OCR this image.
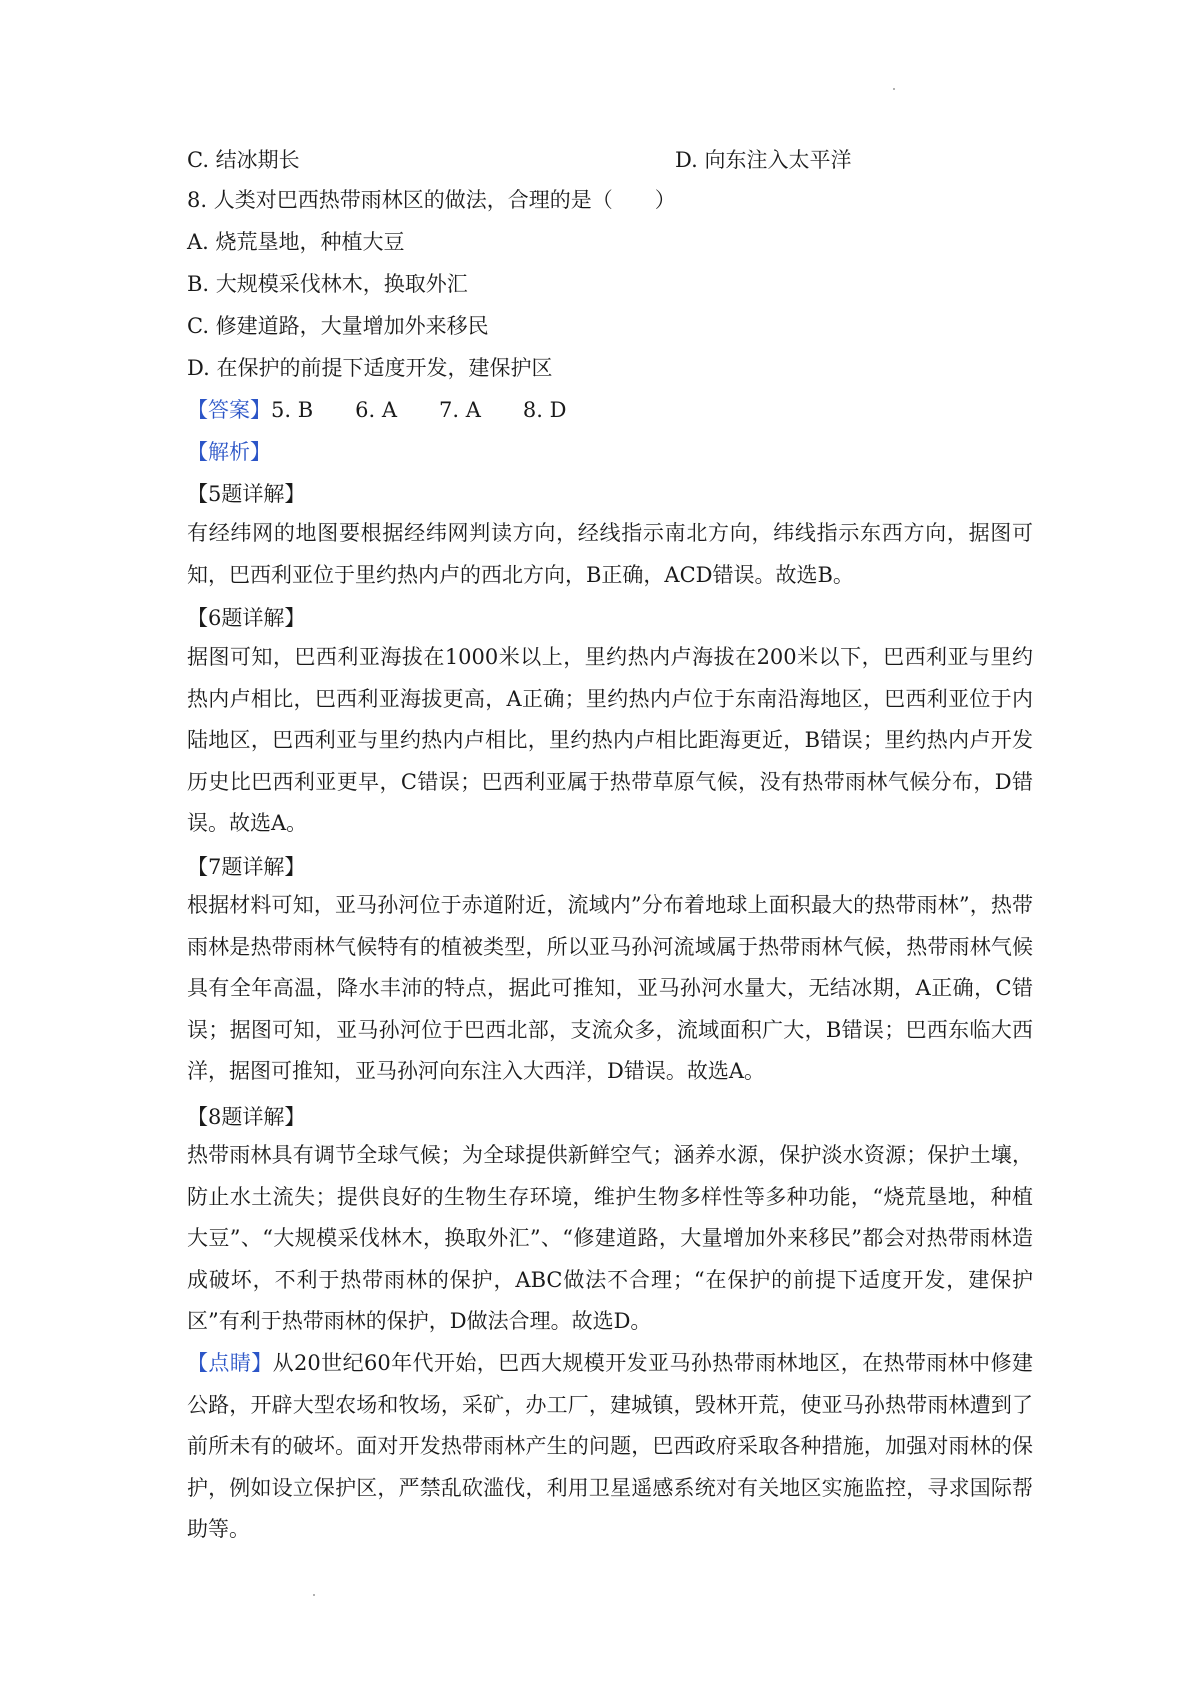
C. 结冰期长	D. 向东注入太平洋
8. 人类对巴西热带雨林区的做法，合理的是（　　）
A. 烧荒垦地，种植大豆
B. 大规模采伐林木，换取外汇
C. 修建道路，大量增加外来移民
D. 在保护的前提下适度开发，建保护区
【答案】5. B　　6. A　　7. A　　8. D
【解析】
【5题详解】
有经纬网的地图要根据经纬网判读方向，经线指示南北方向，纬线指示东西方向，据图可知，巴西利亚位于里约热内卢的西北方向，B正确，ACD错误。故选B。
【6题详解】
据图可知，巴西利亚海拔在1000米以上，里约热内卢海拔在200米以下，巴西利亚与里约热内卢相比，巴西利亚海拔更高，A正确；里约热内卢位于东南沿海地区，巴西利亚位于内陆地区，巴西利亚与里约热内卢相比，里约热内卢相比距海更近，B错误；里约热内卢开发历史比巴西利亚更早，C错误；巴西利亚属于热带草原气候，没有热带雨林气候分布，D错误。故选A。
【7题详解】
根据材料可知，亚马孙河位于赤道附近，流域内”分布着地球上面积最大的热带雨林”，热带雨林是热带雨林气候特有的植被类型，所以亚马孙河流域属于热带雨林气候，热带雨林气候具有全年高温，降水丰沛的特点，据此可推知，亚马孙河水量大，无结冰期，A正确，C错误；据图可知，亚马孙河位于巴西北部，支流众多，流域面积广大，B错误；巴西东临大西洋，据图可推知，亚马孙河向东注入大西洋，D错误。故选A。
【8题详解】
热带雨林具有调节全球气候；为全球提供新鲜空气；涵养水源，保护淡水资源；保护土壤，防止水土流失；提供良好的生物生存环境，维护生物多样性等多种功能，“烧荒垦地，种植大豆”、“大规模采伐林木，换取外汇”、“修建道路，大量增加外来移民”都会对热带雨林造成破坏，不利于热带雨林的保护，ABC做法不合理；“在保护的前提下适度开发，建保护区”有利于热带雨林的保护，D做法合理。故选D。
【点睛】从20世纪60年代开始，巴西大规模开发亚马孙热带雨林地区，在热带雨林中修建公路，开辟大型农场和牧场，采矿，办工厂，建城镇，毁林开荒，使亚马孙热带雨林遭到了前所未有的破坏。面对开发热带雨林产生的问题，巴西政府采取各种措施，加强对雨林的保护，例如设立保护区，严禁乱砍滥伐，利用卫星遥感系统对有关地区实施监控，寻求国际帮助等。
